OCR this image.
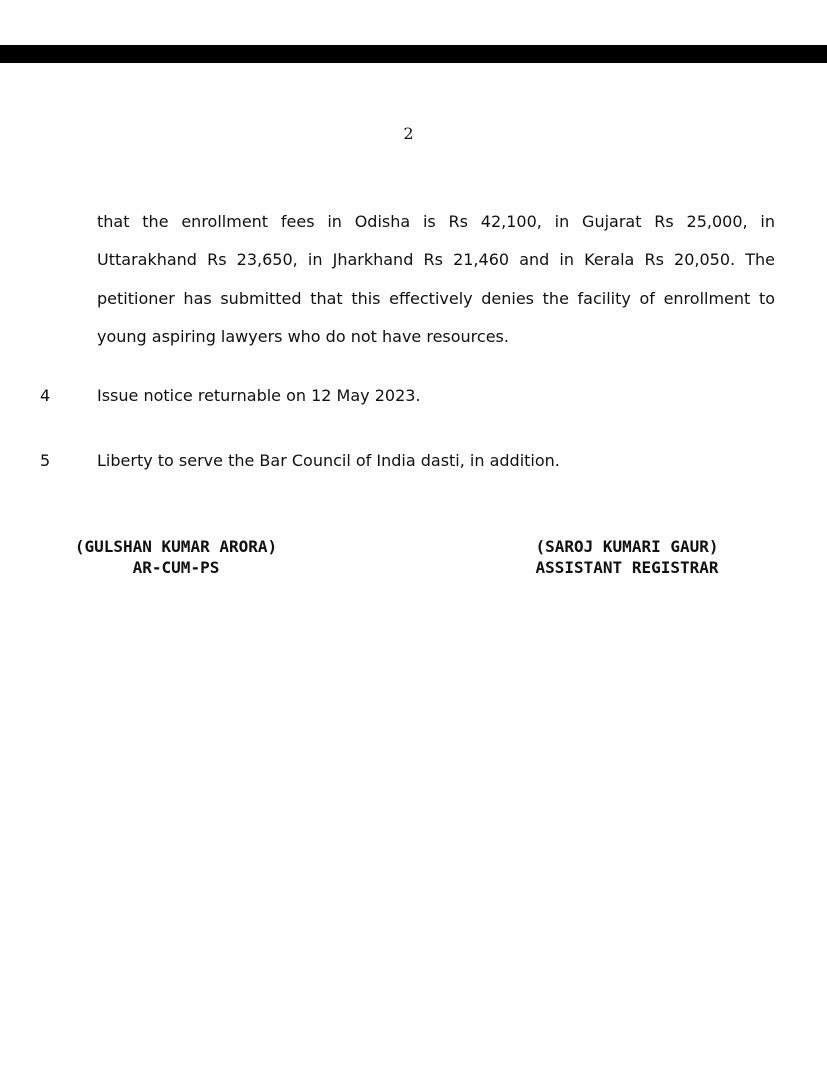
2
that the enrollment fees in Odisha is Rs 42,100, in Gujarat Rs 25,000, in
Uttarakhand Rs 23,650, in Jharkhand Rs 21,460 and in Kerala Rs 20,050. The
petitioner has submitted that this effectively denies the facility of enrollment to
young aspiring lawyers who do not have resources.
4	Issue notice returnable on 12 May 2023.
5	Liberty to serve the Bar Council of India dasti, in addition.
(GULSHAN KUMAR ARORA)
AR-CUM-PS
(SAROJ KUMARI GAUR)
ASSISTANT REGISTRAR
